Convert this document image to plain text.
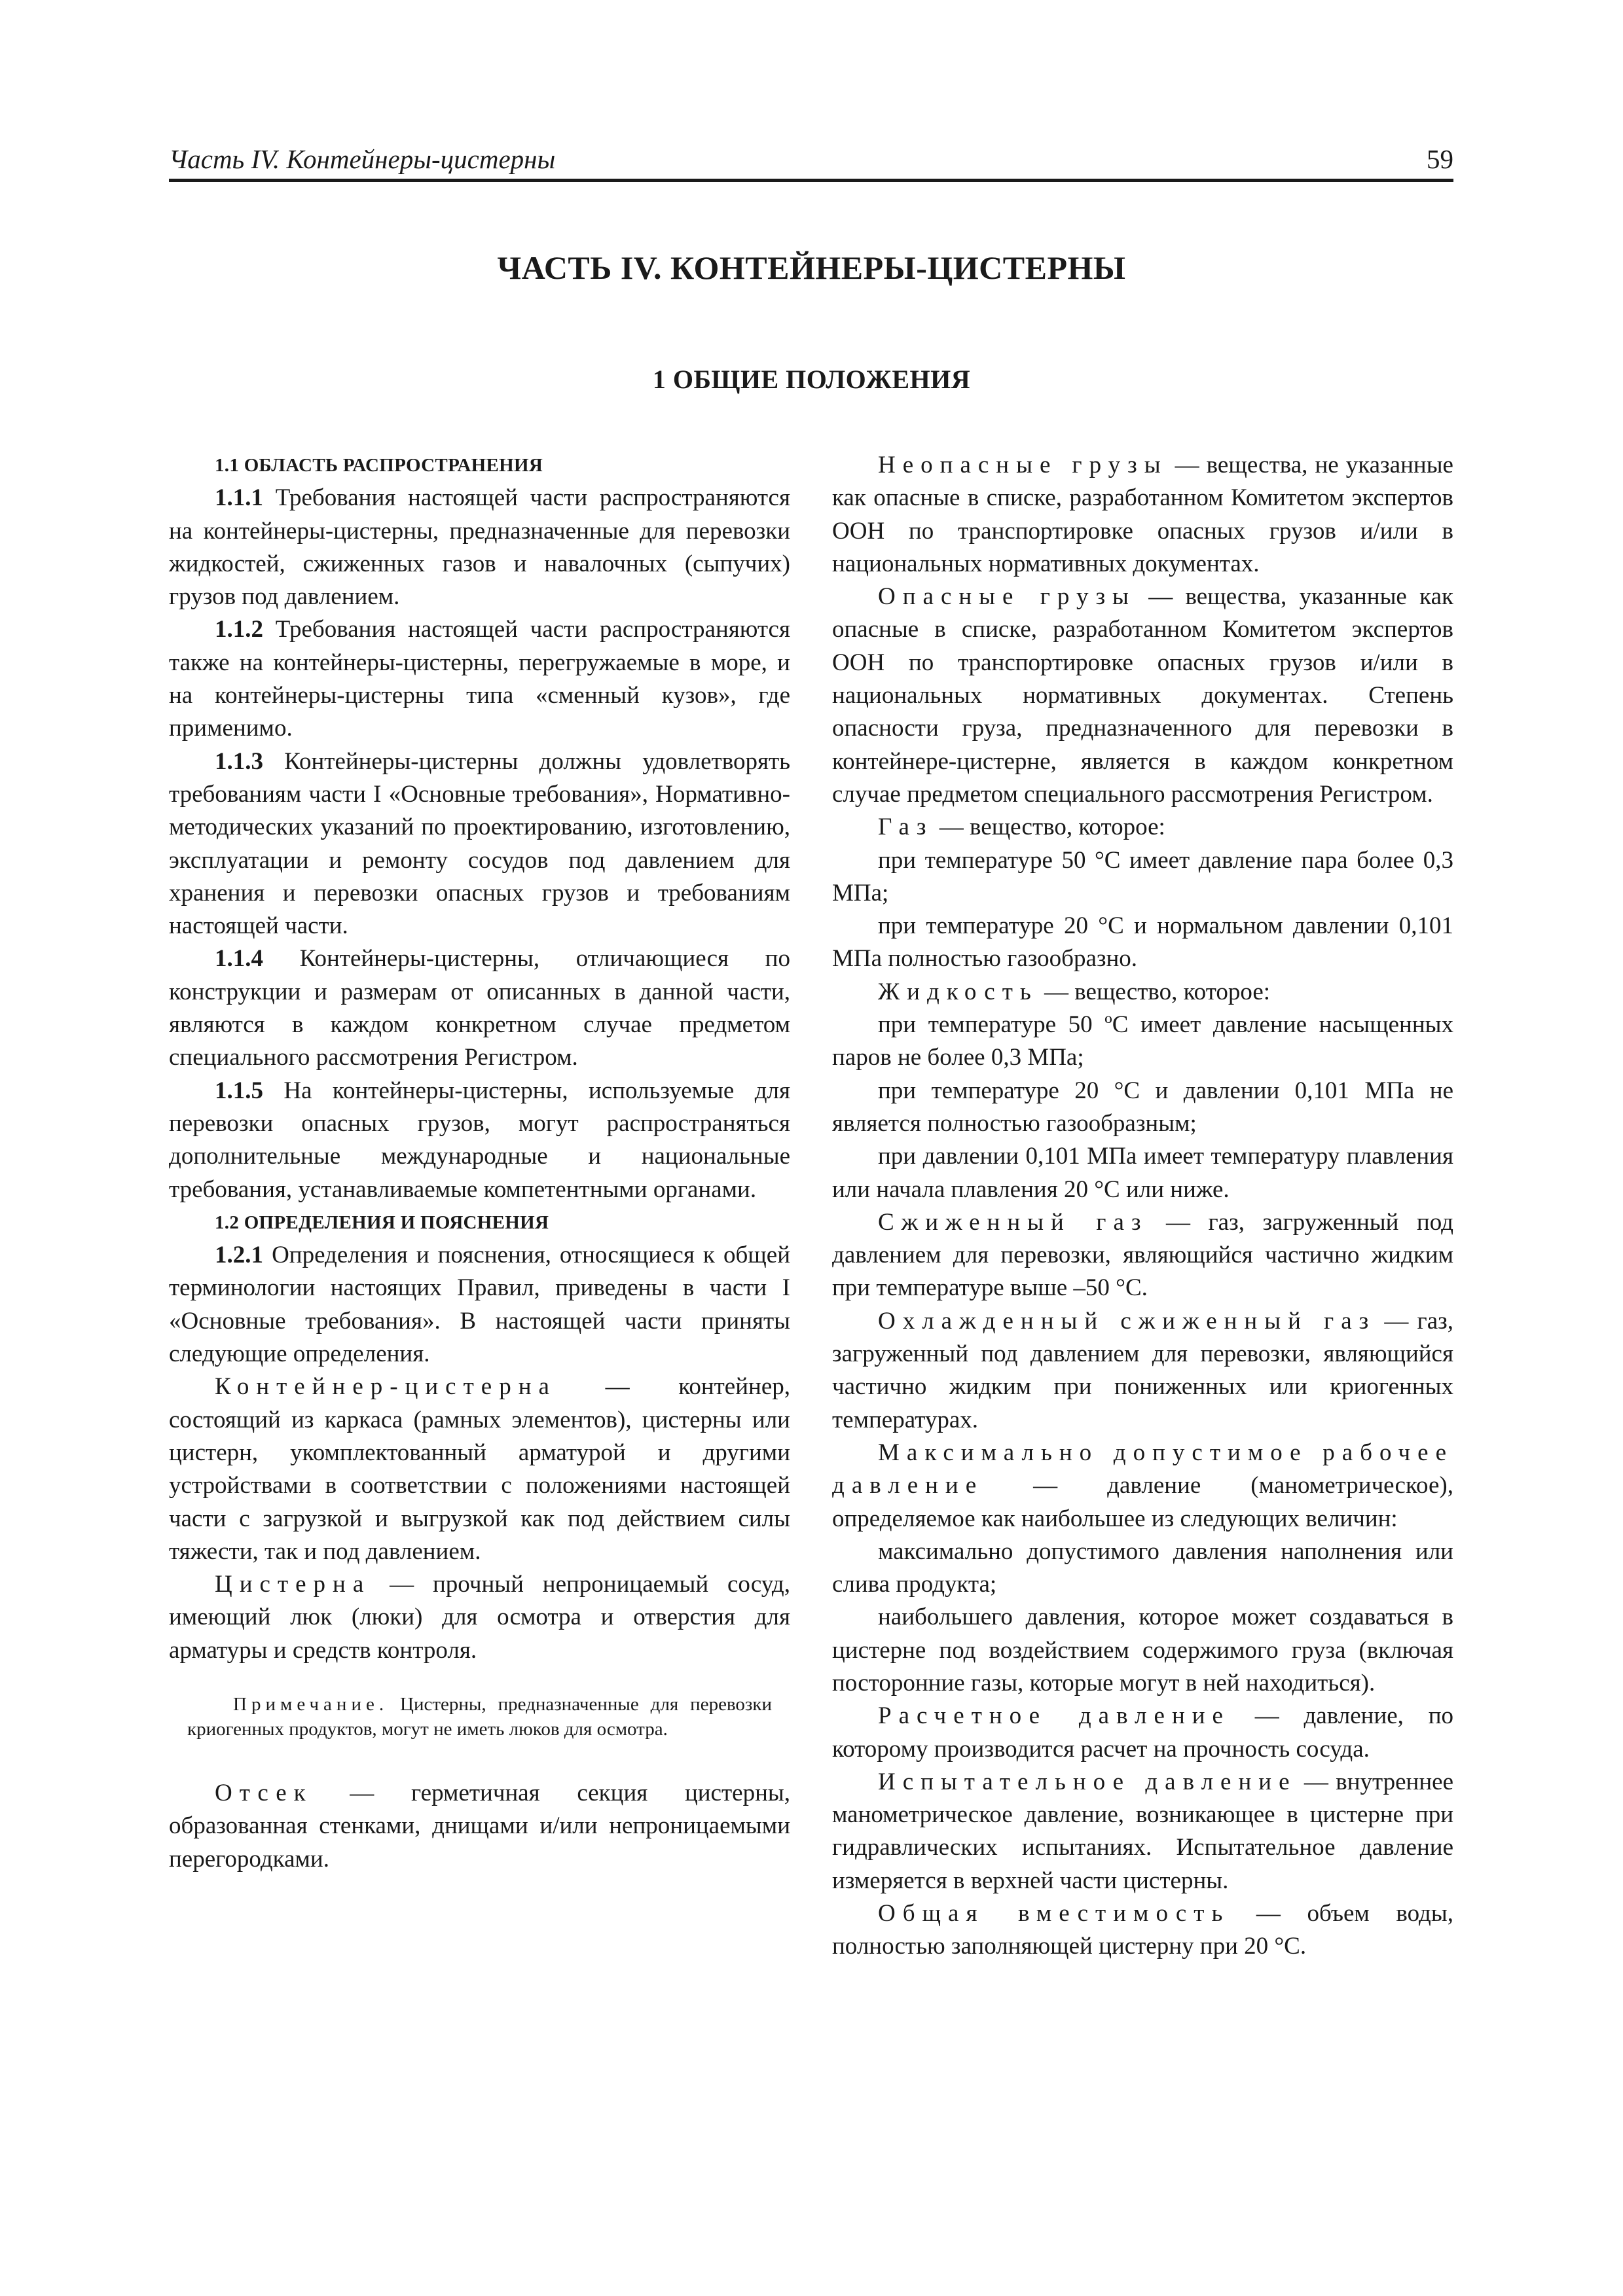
Часть IV. Контейнеры-цистерны	59
ЧАСТЬ IV. КОНТЕЙНЕРЫ-ЦИСТЕРНЫ
1 ОБЩИЕ ПОЛОЖЕНИЯ

1.1 ОБЛАСТЬ РАСПРОСТРАНЕНИЯ

1.1.1 Требования настоящей части распространяются на контейнеры-цистерны, предназначенные для перевозки жидкостей, сжиженных газов и навалочных (сыпучих) грузов под давлением.

1.1.2 Требования настоящей части распространяются также на контейнеры-цистерны, перегружаемые в море, и на контейнеры-цистерны типа «сменный кузов», где применимо.

1.1.3 Контейнеры-цистерны должны удовлетворять требованиям части I «Основные требования», Нормативно-методических указаний по проектированию, изготовлению, эксплуатации и ремонту сосудов под давлением для хранения и перевозки опасных грузов и требованиям настоящей части.

1.1.4 Контейнеры-цистерны, отличающиеся по конструкции и размерам от описанных в данной части, являются в каждом конкретном случае предметом специального рассмотрения Регистром.

1.1.5 На контейнеры-цистерны, используемые для перевозки опасных грузов, могут распространяться дополнительные международные и национальные требования, устанавливаемые компетентными органами.

1.2 ОПРЕДЕЛЕНИЯ И ПОЯСНЕНИЯ

1.2.1 Определения и пояснения, относящиеся к общей терминологии настоящих Правил, приведены в части I «Основные требования». В настоящей части приняты следующие определения.

Контейнер-цистерна — контейнер, состоящий из каркаса (рамных элементов), цистерны или цистерн, укомплектованный арматурой и другими устройствами в соответствии с положениями настоящей части с загрузкой и выгрузкой как под действием силы тяжести, так и под давлением.

Цистерна — прочный непроницаемый сосуд, имеющий люк (люки) для осмотра и отверстия для арматуры и средств контроля.

Примечание. Цистерны, предназначенные для перевозки криогенных продуктов, могут не иметь люков для осмотра.

Отсек — герметичная секция цистерны, образованная стенками, днищами и/или непроницаемыми перегородками.

Неопасные грузы — вещества, не указанные как опасные в списке, разработанном Комитетом экспертов ООН по транспортировке опасных грузов и/или в национальных нормативных документах.

Опасные грузы — вещества, указанные как опасные в списке, разработанном Комитетом экспертов ООН по транспортировке опасных грузов и/или в национальных нормативных документах. Степень опасности груза, предназначенного для перевозки в контейнере-цистерне, является в каждом конкретном случае предметом специального рассмотрения Регистром.

Газ — вещество, которое:

при температуре 50 °С имеет давление пара более 0,3 МПа;

при температуре 20 °С и нормальном давлении 0,101 МПа полностью газообразно.

Жидкость — вещество, которое:

при температуре 50 ºС имеет давление насыщенных паров не более 0,3 МПа;

при температуре 20 °С и давлении 0,101 МПа не является полностью газообразным;

при давлении 0,101 МПа имеет температуру плавления или начала плавления 20 °С или ниже.

Сжиженный газ — газ, загруженный под давлением для перевозки, являющийся частично жидким при температуре выше –50 °С.

Охлажденный сжиженный газ — газ, загруженный под давлением для перевозки, являющийся частично жидким при пониженных или криогенных температурах.

Максимально допустимое рабочее давление — давление (манометрическое), определяемое как наибольшее из следующих величин:

максимально допустимого давления наполнения или слива продукта;

наибольшего давления, которое может создаваться в цистерне под воздействием содержимого груза (включая посторонние газы, которые могут в ней находиться).

Расчетное давление — давление, по которому производится расчет на прочность сосуда.

Испытательное давление — внутреннее манометрическое давление, возникающее в цистерне при гидравлических испытаниях. Испытательное давление измеряется в верхней части цистерны.

Общая вместимость — объем воды, полностью заполняющей цистерну при 20 °С.
